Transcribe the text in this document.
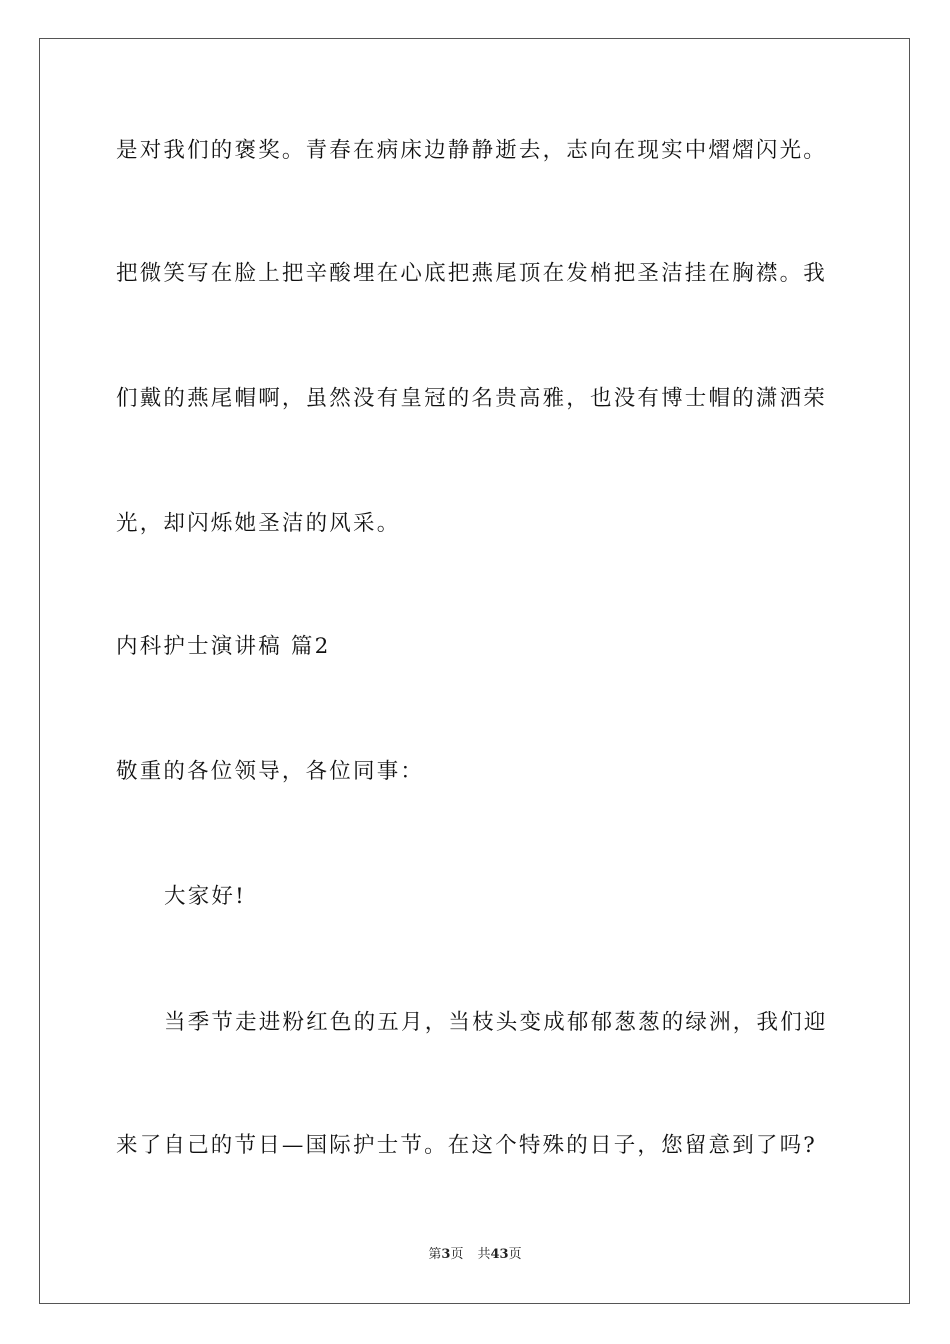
是对我们的褒奖。青春在病床边静静逝去，志向在现实中熠熠闪光。
把微笑写在脸上把辛酸埋在心底把燕尾顶在发梢把圣洁挂在胸襟。我
们戴的燕尾帽啊，虽然没有皇冠的名贵高雅，也没有博士帽的潇洒荣
光，却闪烁她圣洁的风采。
内科护士演讲稿 篇2
敬重的各位领导，各位同事：
大家好!
当季节走进粉红色的五月，当枝头变成郁郁葱葱的绿洲，我们迎
来了自己的节日—国际护士节。在这个特殊的日子，您留意到了吗?
第3页 共43页
